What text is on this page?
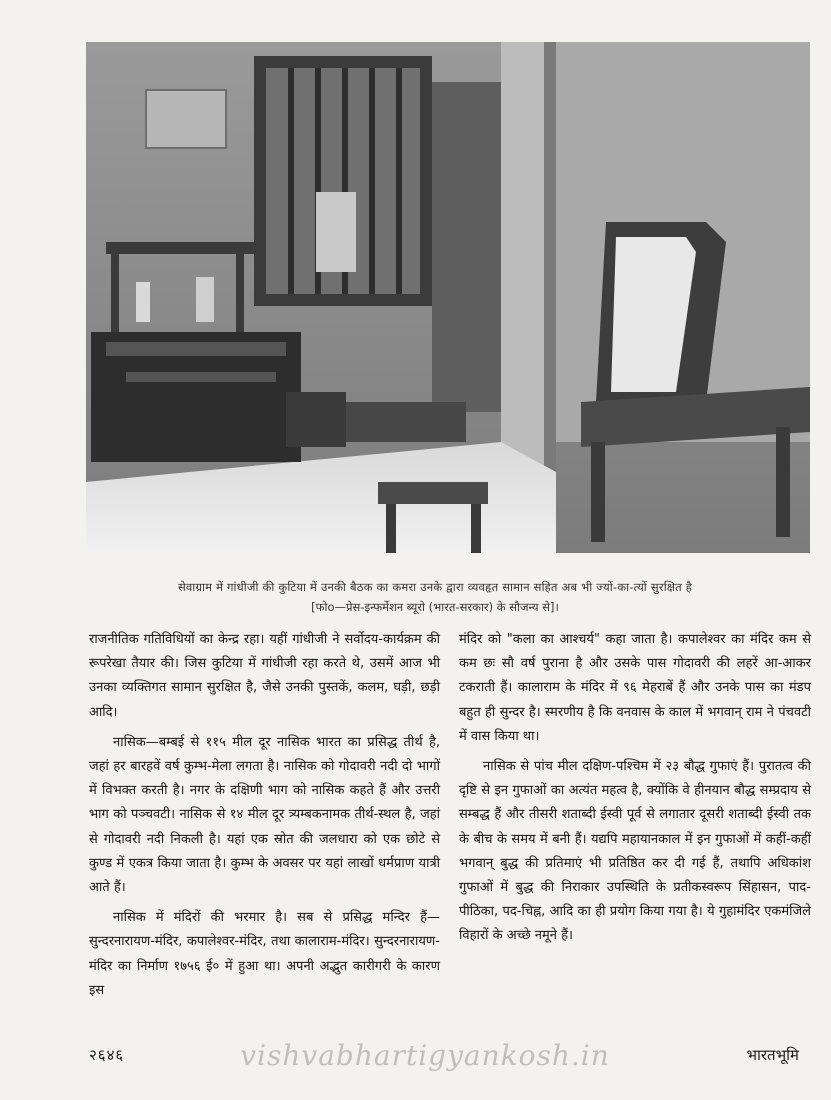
सेवाग्राम में गांधीजी की कुटिया में उनकी बैठक का कमरा उनके द्वारा व्यवहृत सामान सहित अब भी ज्यों-का-त्यों सुरक्षित है
[फोo—प्रेस-इन्फर्मेशन ब्यूरो (भारत-सरकार) के सौजन्य से]।

राजनीतिक गतिविधियों का केन्द्र रहा। यहीं गांधीजी ने सर्वोदय-कार्यक्रम की रूपरेखा तैयार की। जिस कुटिया में गांधीजी रहा करते थे, उसमें आज भी उनका व्यक्तिगत सामान सुरक्षित है, जैसे उनकी पुस्तकें, कलम, घड़ी, छड़ी आदि।

नासिक—बम्बई से ११५ मील दूर नासिक भारत का प्रसिद्ध तीर्थ है, जहां हर बारहवें वर्ष कुम्भ-मेला लगता है। नासिक को गोदावरी नदी दो भागों में विभक्त करती है। नगर के दक्षिणी भाग को नासिक कहते हैं और उत्तरी भाग को पञ्चवटी। नासिक से १४ मील दूर त्र्यम्बकनामक तीर्थ-स्थल है, जहां से गोदावरी नदी निकली है। यहां एक स्रोत की जलधारा को एक छोटे से कुण्ड में एकत्र किया जाता है। कुम्भ के अवसर पर यहां लाखों धर्मप्राण यात्री आते हैं।

नासिक में मंदिरों की भरमार है। सब से प्रसिद्ध मन्दिर हैं—सुन्दरनारायण-मंदिर, कपालेश्वर-मंदिर, तथा कालाराम-मंदिर। सुन्दरनारायण-मंदिर का निर्माण १७५६ ई० में हुआ था। अपनी अद्भुत कारीगरी के कारण इस

मंदिर को "कला का आश्चर्य" कहा जाता है। कपालेश्वर का मंदिर कम से कम छः सौ वर्ष पुराना है और उसके पास गोदावरी की लहरें आ-आकर टकराती हैं। कालाराम के मंदिर में ९६ मेहराबें हैं और उनके पास का मंडप बहुत ही सुन्दर है। स्मरणीय है कि वनवास के काल में भगवान् राम ने पंचवटी में वास किया था।

नासिक से पांच मील दक्षिण-पश्चिम में २३ बौद्ध गुफाएं हैं। पुरातत्व की दृष्टि से इन गुफाओं का अत्यंत महत्व है, क्योंकि वे हीनयान बौद्ध सम्प्रदाय से सम्बद्ध हैं और तीसरी शताब्दी ईस्वी पूर्व से लगातार दूसरी शताब्दी ईस्वी तक के बीच के समय में बनी हैं। यद्यपि महायानकाल में इन गुफाओं में कहीं-कहीं भगवान् बुद्ध की प्रतिमाएं भी प्रतिष्ठित कर दी गई हैं, तथापि अधिकांश गुफाओं में बुद्ध की निराकार उपस्थिति के प्रतीकस्वरूप सिंहासन, पाद-पीठिका, पद-चिह्न, आदि का ही प्रयोग किया गया है। ये गुहामंदिर एकमंजिले विहारों के अच्छे नमूने हैं।

२६४६	vishvabhartigyankosh.in	भारतभूमि
